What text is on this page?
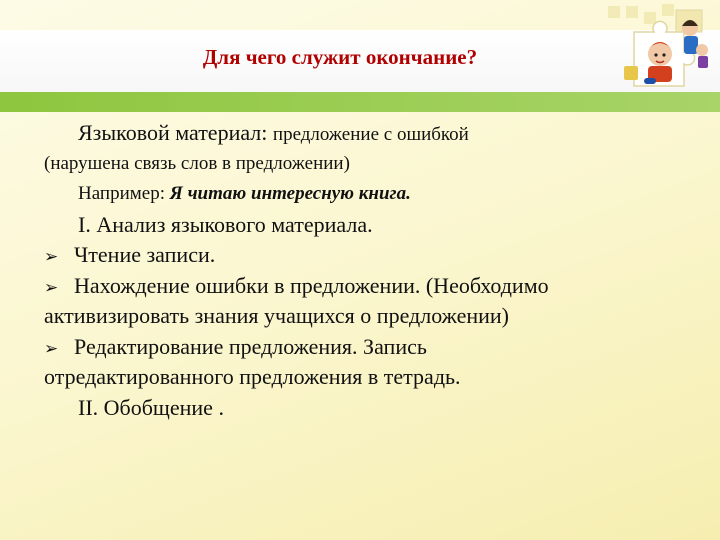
Для чего служит окончание?
Языковой материал: предложение с ошибкой
(нарушена связь слов в предложении)
Например: Я читаю интересную книга.
I. Анализ языкового материала.
➢ Чтение записи.
➢ Нахождение ошибки в предложении. (Необходимо
активизировать знания учащихся о предложении)
➢ Редактирование предложения. Запись
отредактированного предложения в тетрадь.
II. Обобщение .
